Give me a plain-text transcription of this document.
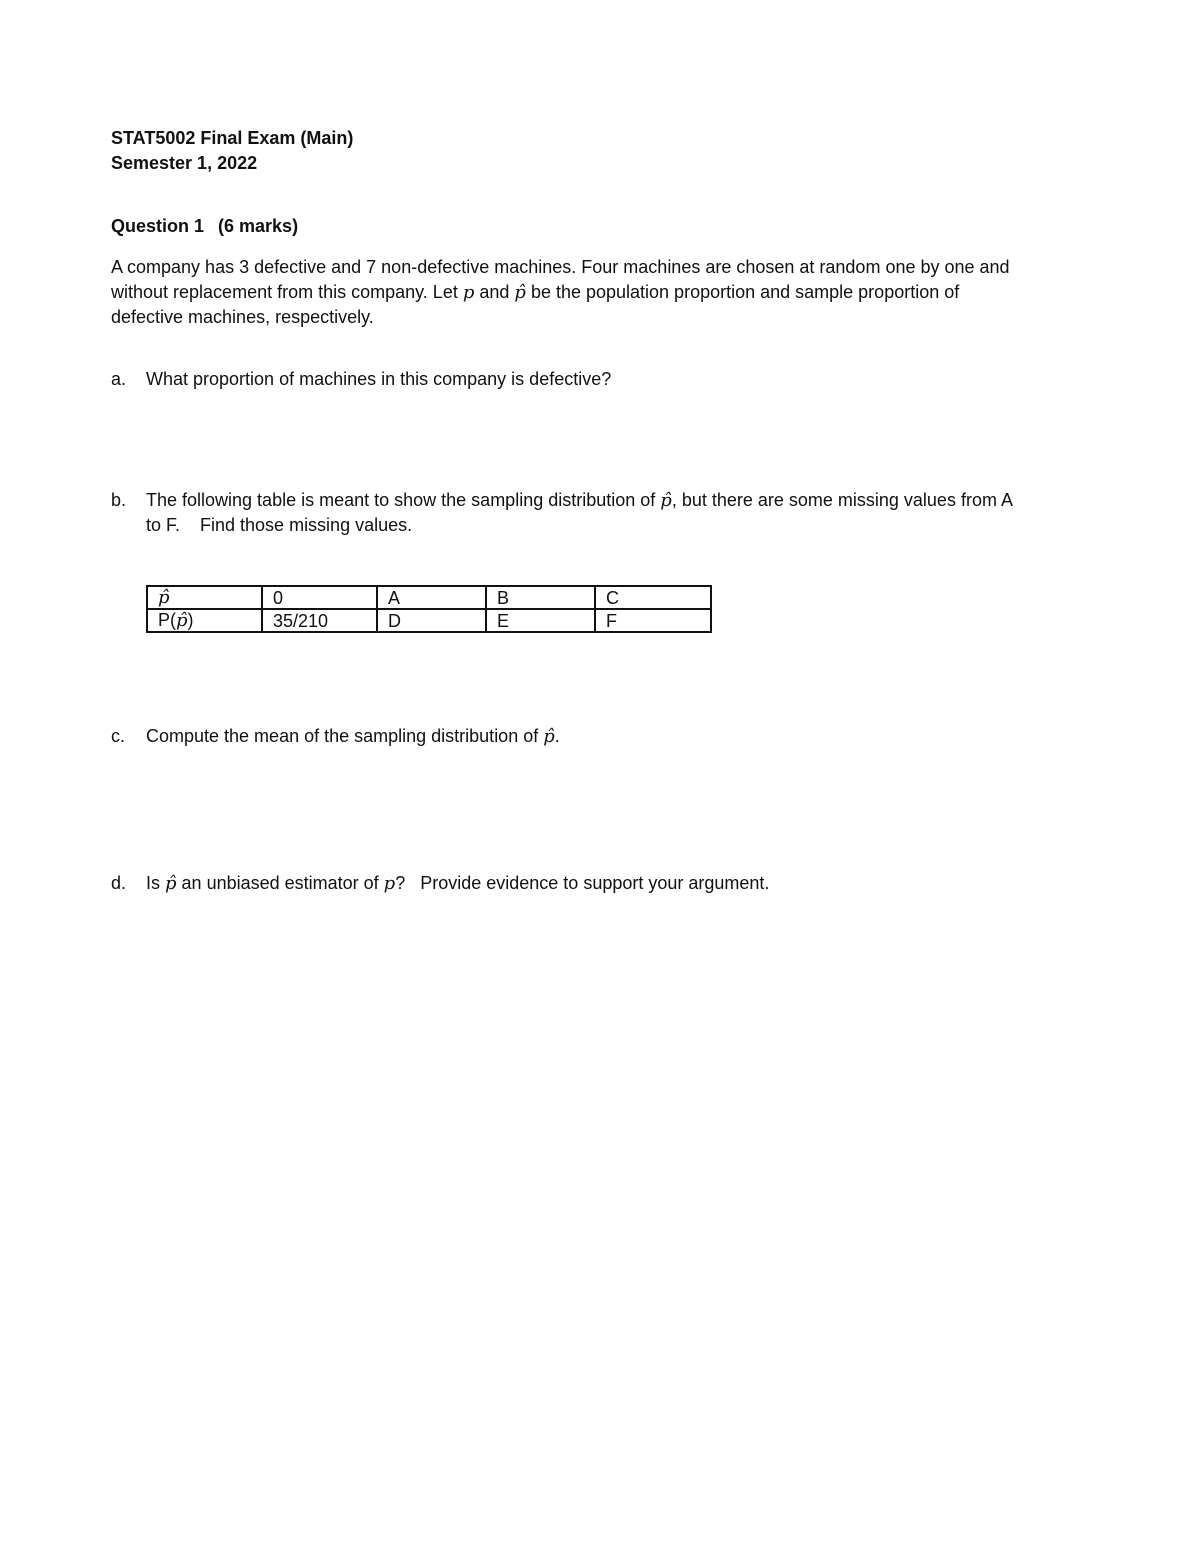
STAT5002 Final Exam (Main)
Semester 1, 2022
Question 1 (6 marks)

A company has 3 defective and 7 non-defective machines. Four machines are chosen at random one by one and

without replacement from this company. Let p and p̂ be the population proportion and sample proportion of

defective machines, respectively.

a. What proportion of machines in this company is defective?
b. The following table is meant to show the sampling distribution of p̂, but there are some missing values from A
to F.    Find those missing values.
p̂	0	A	B	C
P(p̂)	35/210	D	E	F
c. Compute the mean of the sampling distribution of p̂.
d. Is p̂ an unbiased estimator of p?   Provide evidence to support your argument.
